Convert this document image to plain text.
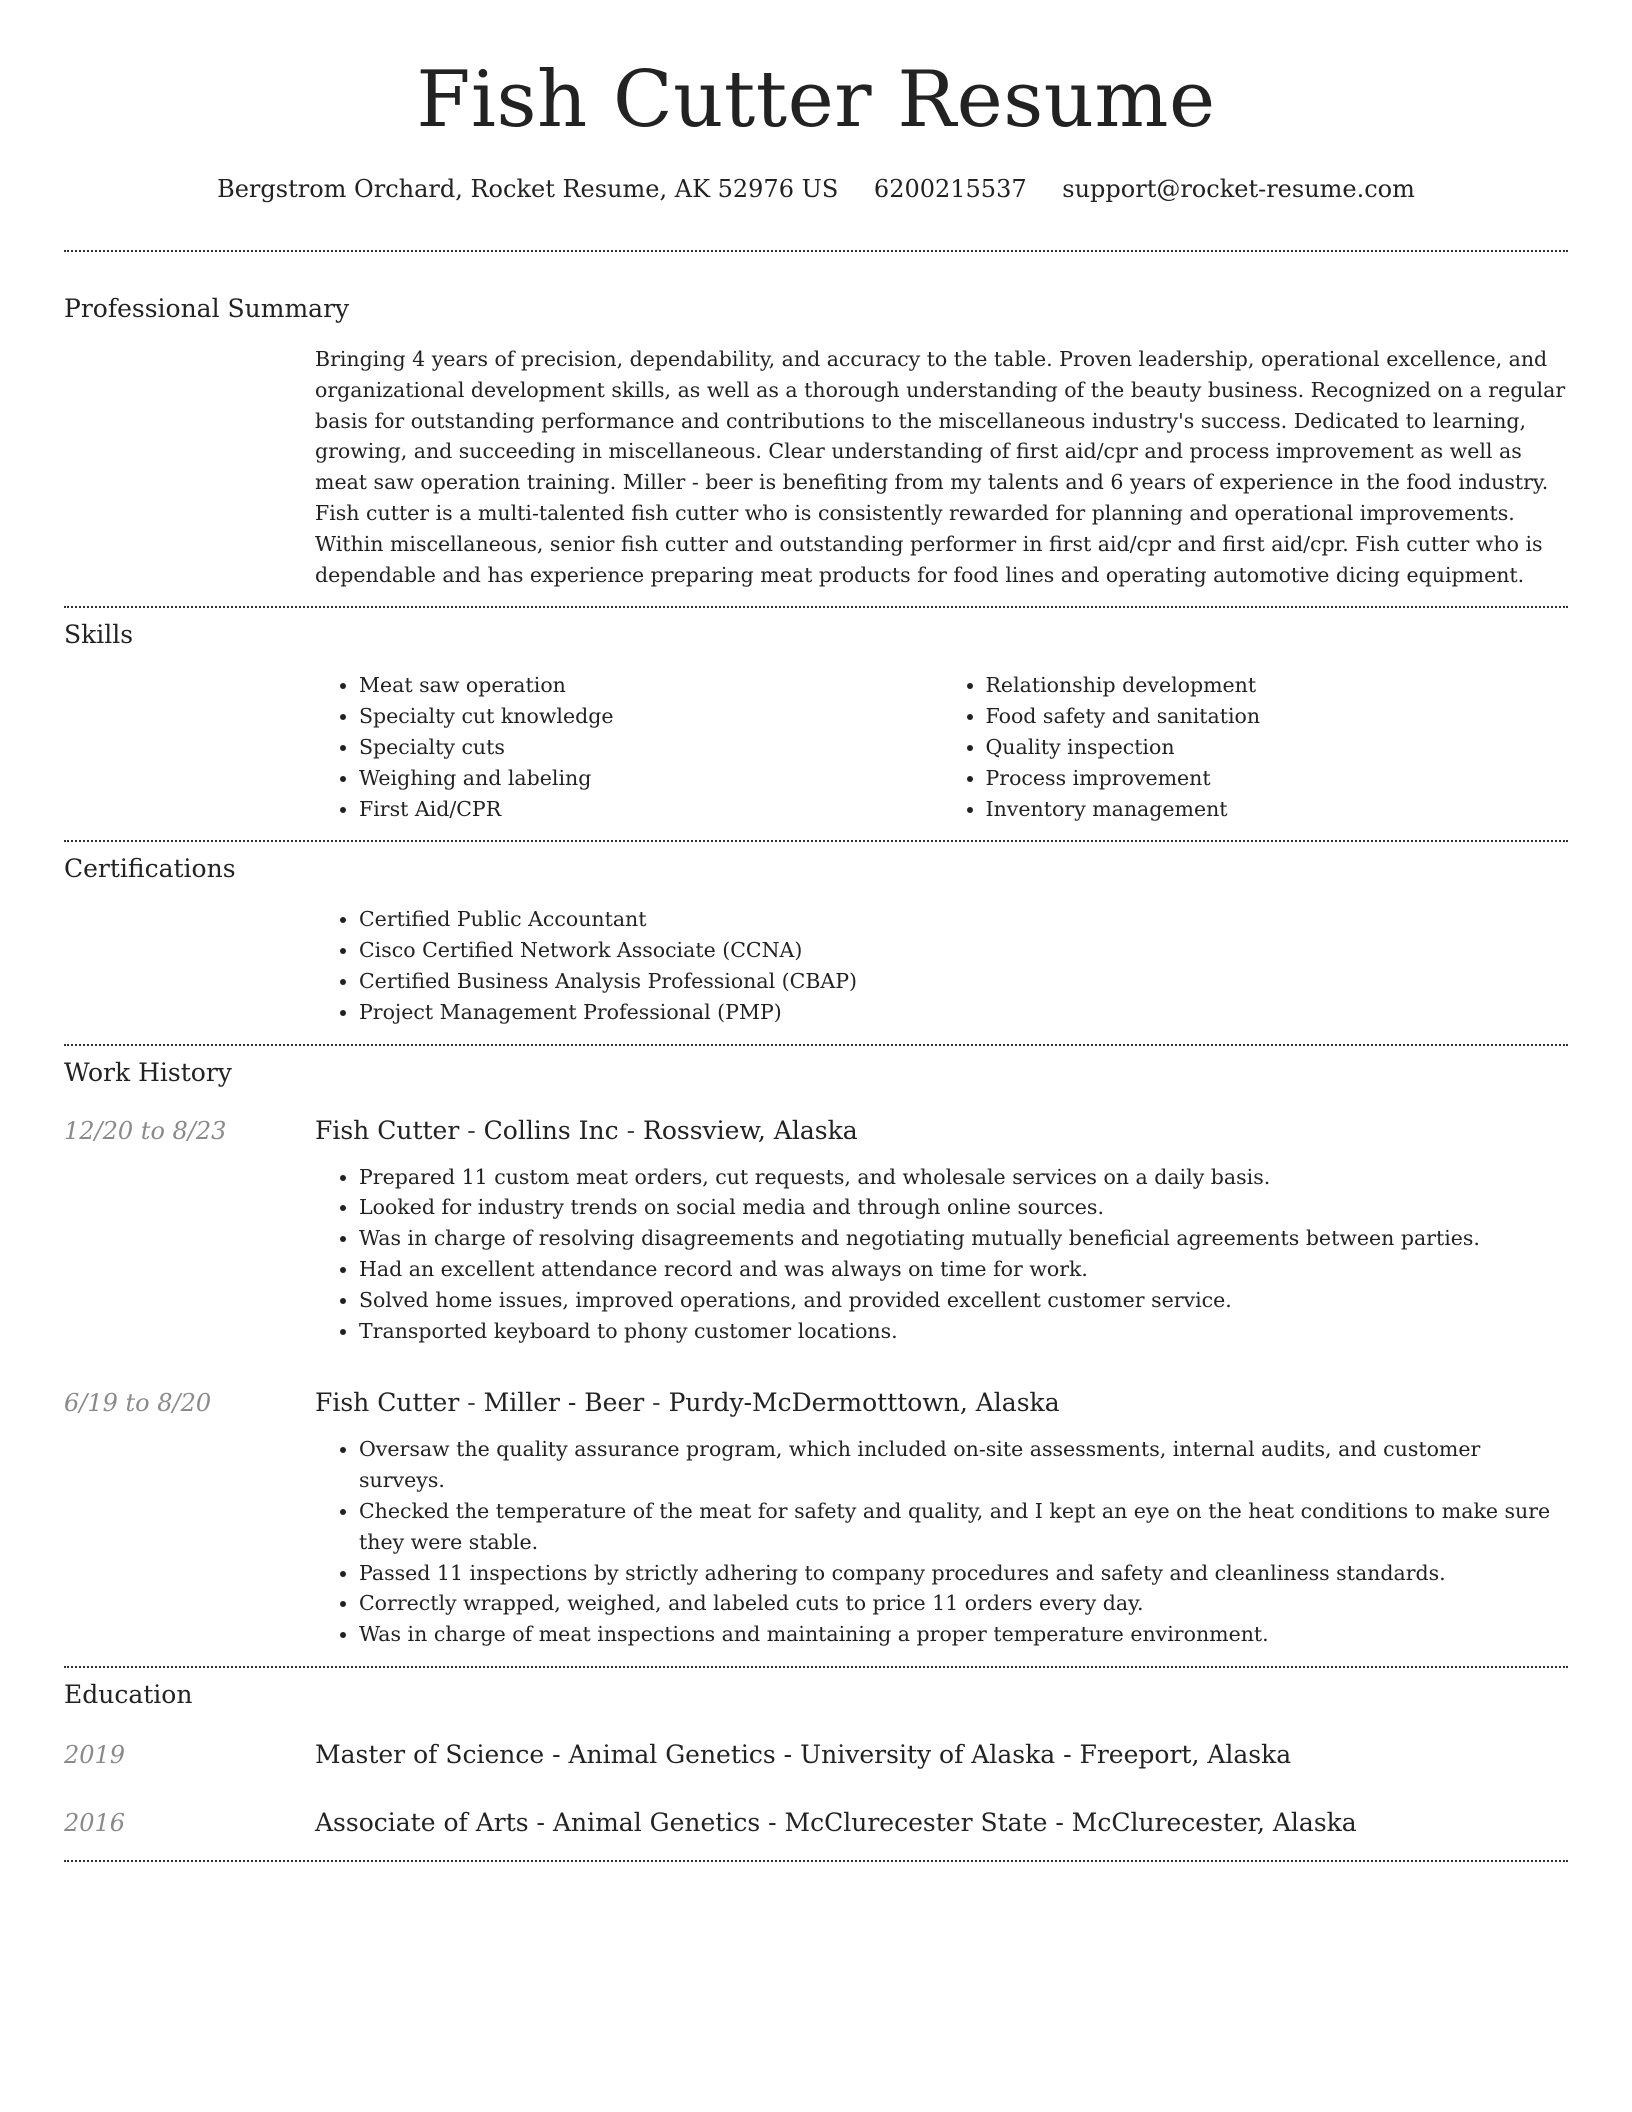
Fish Cutter Resume
Bergstrom Orchard, Rocket Resume, AK 52976 US 6200215537 support@rocket-resume.com
Professional Summary
Bringing 4 years of precision, dependability, and accuracy to the table. Proven leadership, operational excellence, and organizational development skills, as well as a thorough understanding of the beauty business. Recognized on a regular basis for outstanding performance and contributions to the miscellaneous industry's success. Dedicated to learning, growing, and succeeding in miscellaneous. Clear understanding of first aid/cpr and process improvement as well as meat saw operation training. Miller - beer is benefiting from my talents and 6 years of experience in the food industry. Fish cutter is a multi-talented fish cutter who is consistently rewarded for planning and operational improvements. Within miscellaneous, senior fish cutter and outstanding performer in first aid/cpr and first aid/cpr. Fish cutter who is dependable and has experience preparing meat products for food lines and operating automotive dicing equipment.
Skills
• Meat saw operation
• Specialty cut knowledge
• Specialty cuts
• Weighing and labeling
• First Aid/CPR
• Relationship development
• Food safety and sanitation
• Quality inspection
• Process improvement
• Inventory management
Certifications
• Certified Public Accountant
• Cisco Certified Network Associate (CCNA)
• Certified Business Analysis Professional (CBAP)
• Project Management Professional (PMP)
Work History
12/20 to 8/23	Fish Cutter - Collins Inc - Rossview, Alaska
• Prepared 11 custom meat orders, cut requests, and wholesale services on a daily basis.
• Looked for industry trends on social media and through online sources.
• Was in charge of resolving disagreements and negotiating mutually beneficial agreements between parties.
• Had an excellent attendance record and was always on time for work.
• Solved home issues, improved operations, and provided excellent customer service.
• Transported keyboard to phony customer locations.
6/19 to 8/20	Fish Cutter - Miller - Beer - Purdy-McDermotttown, Alaska
• Oversaw the quality assurance program, which included on-site assessments, internal audits, and customer surveys.
• Checked the temperature of the meat for safety and quality, and I kept an eye on the heat conditions to make sure they were stable.
• Passed 11 inspections by strictly adhering to company procedures and safety and cleanliness standards.
• Correctly wrapped, weighed, and labeled cuts to price 11 orders every day.
• Was in charge of meat inspections and maintaining a proper temperature environment.
Education
2019	Master of Science - Animal Genetics - University of Alaska - Freeport, Alaska
2016	Associate of Arts - Animal Genetics - McClurecester State - McClurecester, Alaska
